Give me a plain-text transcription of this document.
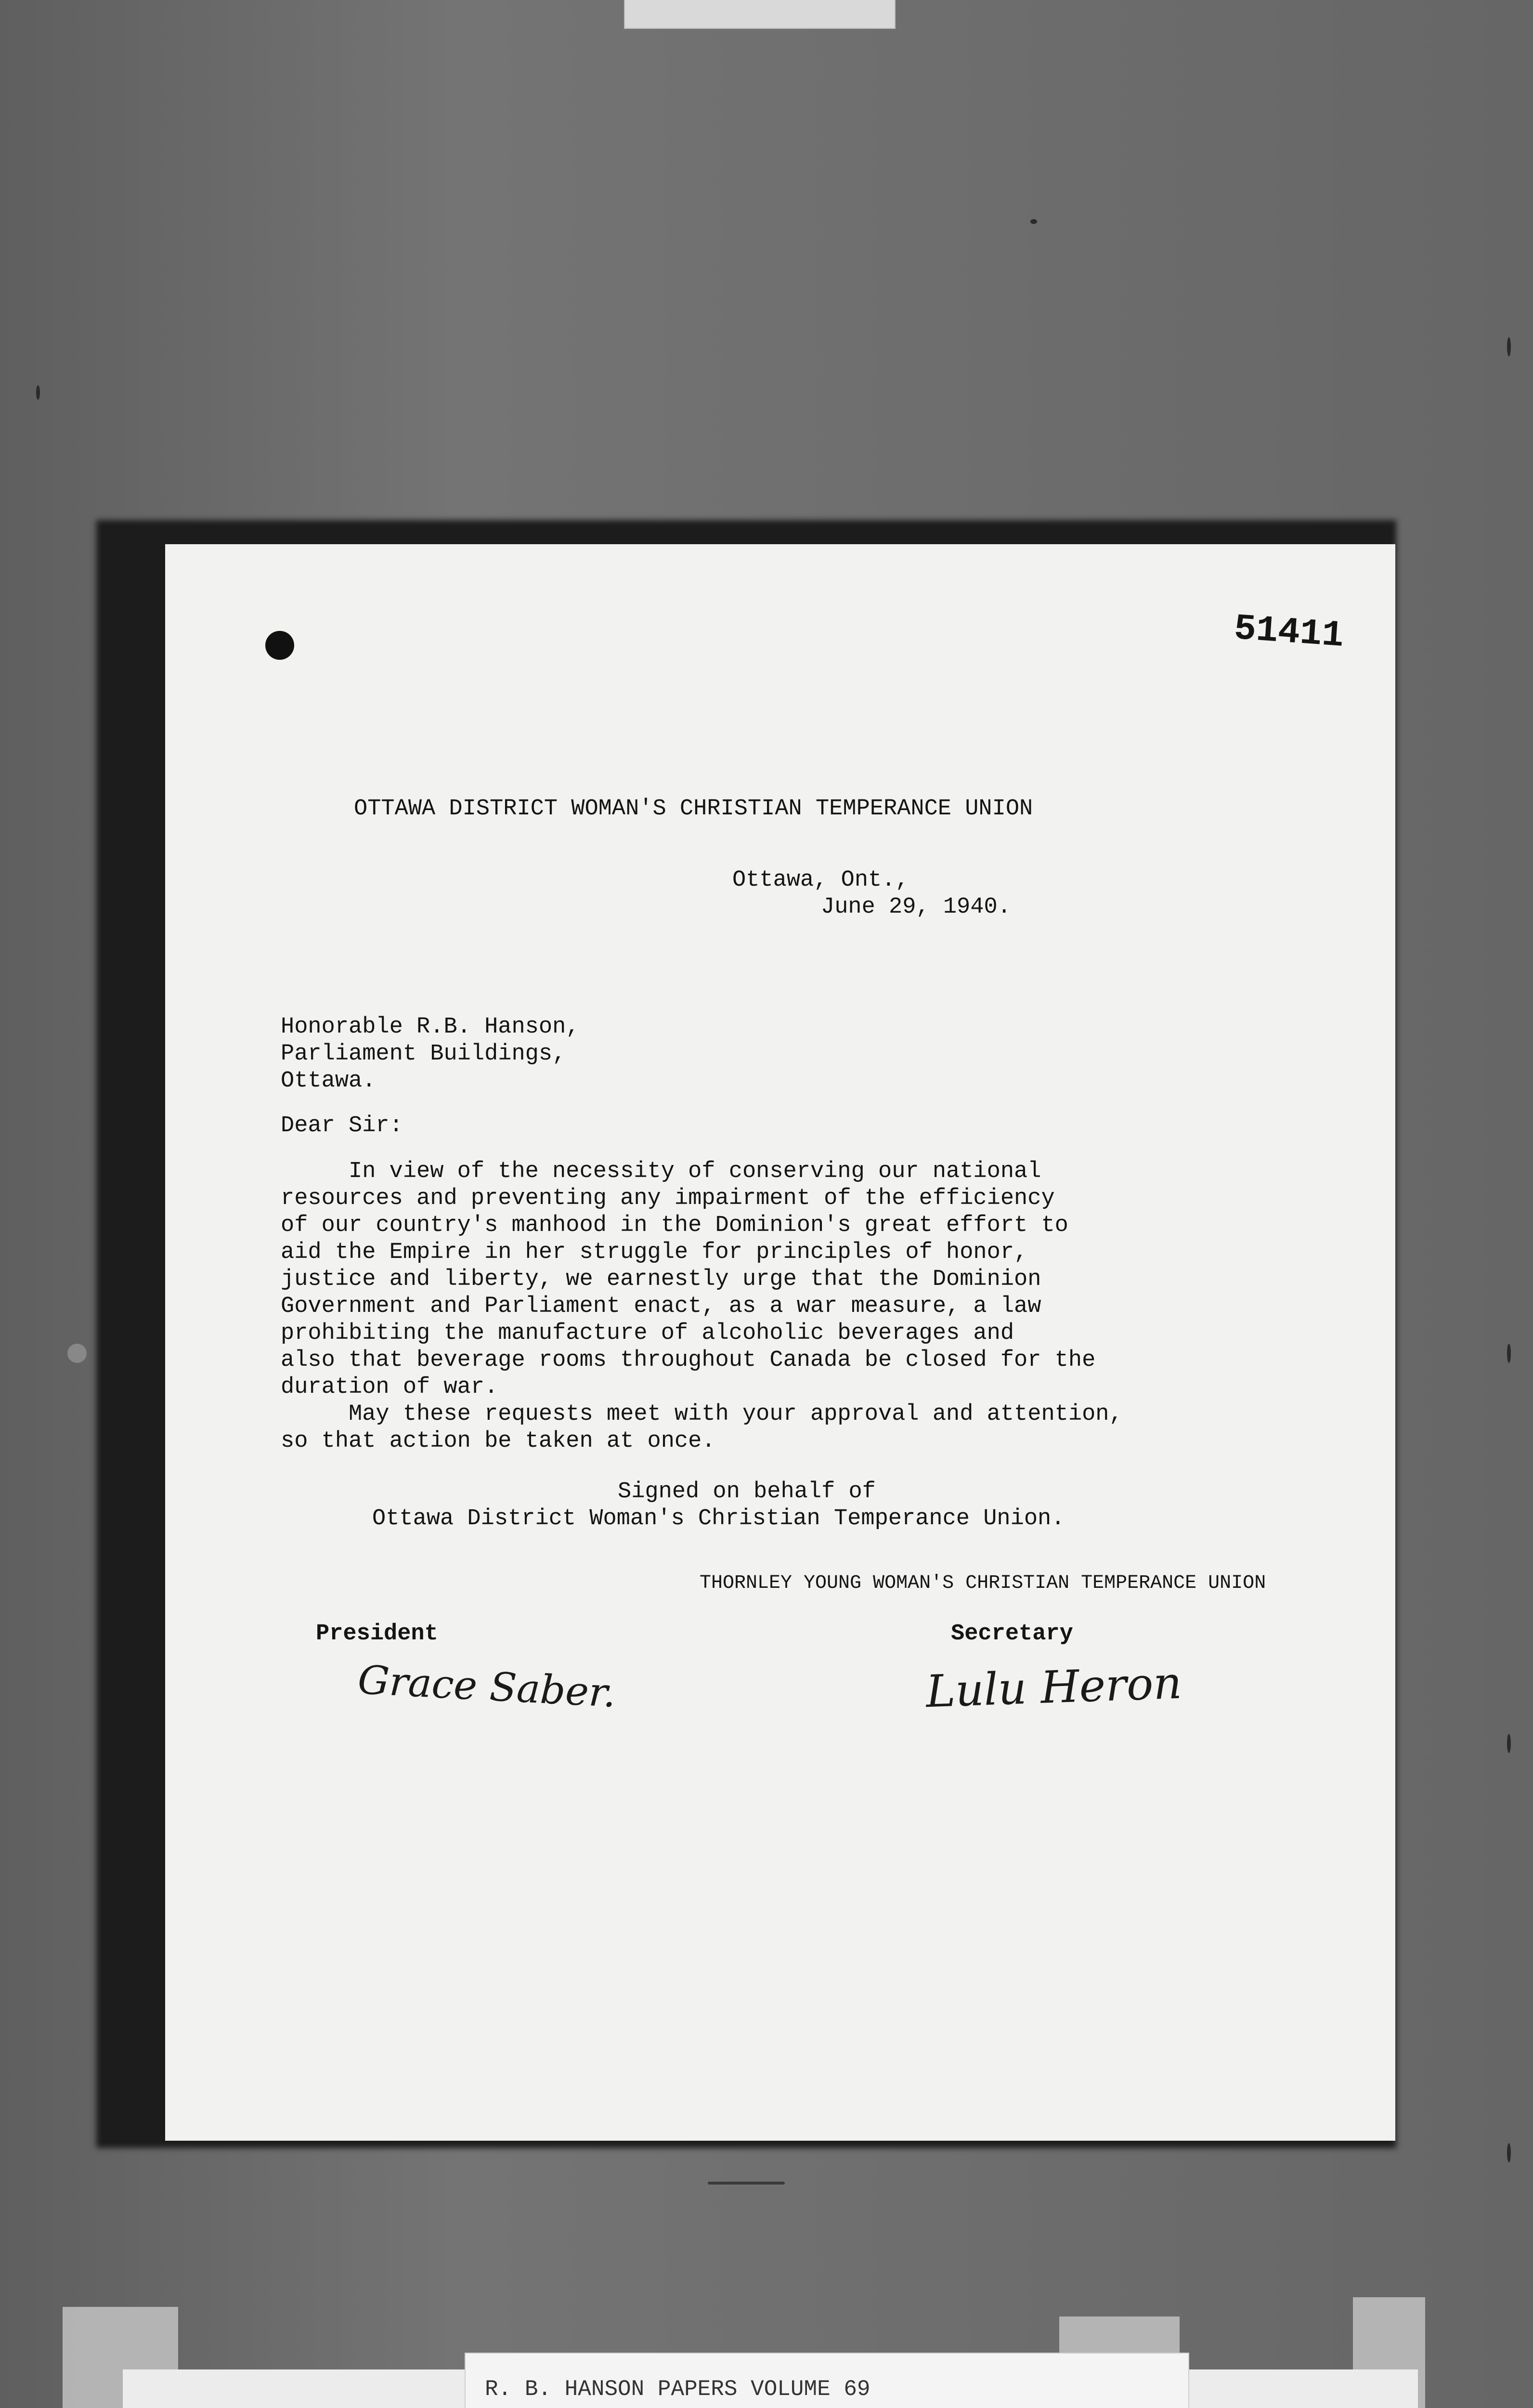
51411
OTTAWA DISTRICT WOMAN'S CHRISTIAN TEMPERANCE UNION
Ottawa, Ont.,
June 29, 1940.
Honorable R.B. Hanson,
Parliament Buildings,
Ottawa.
Dear Sir:
In view of the necessity of conserving our national
resources and preventing any impairment of the efficiency
of our country's manhood in the Dominion's great effort to
aid the Empire in her struggle for principles of honor,
justice and liberty, we earnestly urge that the Dominion
Government and Parliament enact, as a war measure, a law
prohibiting the manufacture of alcoholic beverages and
also that beverage rooms throughout Canada be closed for the
duration of war.
May these requests meet with your approval and attention,
so that action be taken at once.
Signed on behalf of
Ottawa District Woman's Christian Temperance Union.
THORNLEY YOUNG WOMAN'S CHRISTIAN TEMPERANCE UNION
President	Secretary
Grace Saber.	Lulu Heron
R. B. HANSON PAPERS VOLUME 69
